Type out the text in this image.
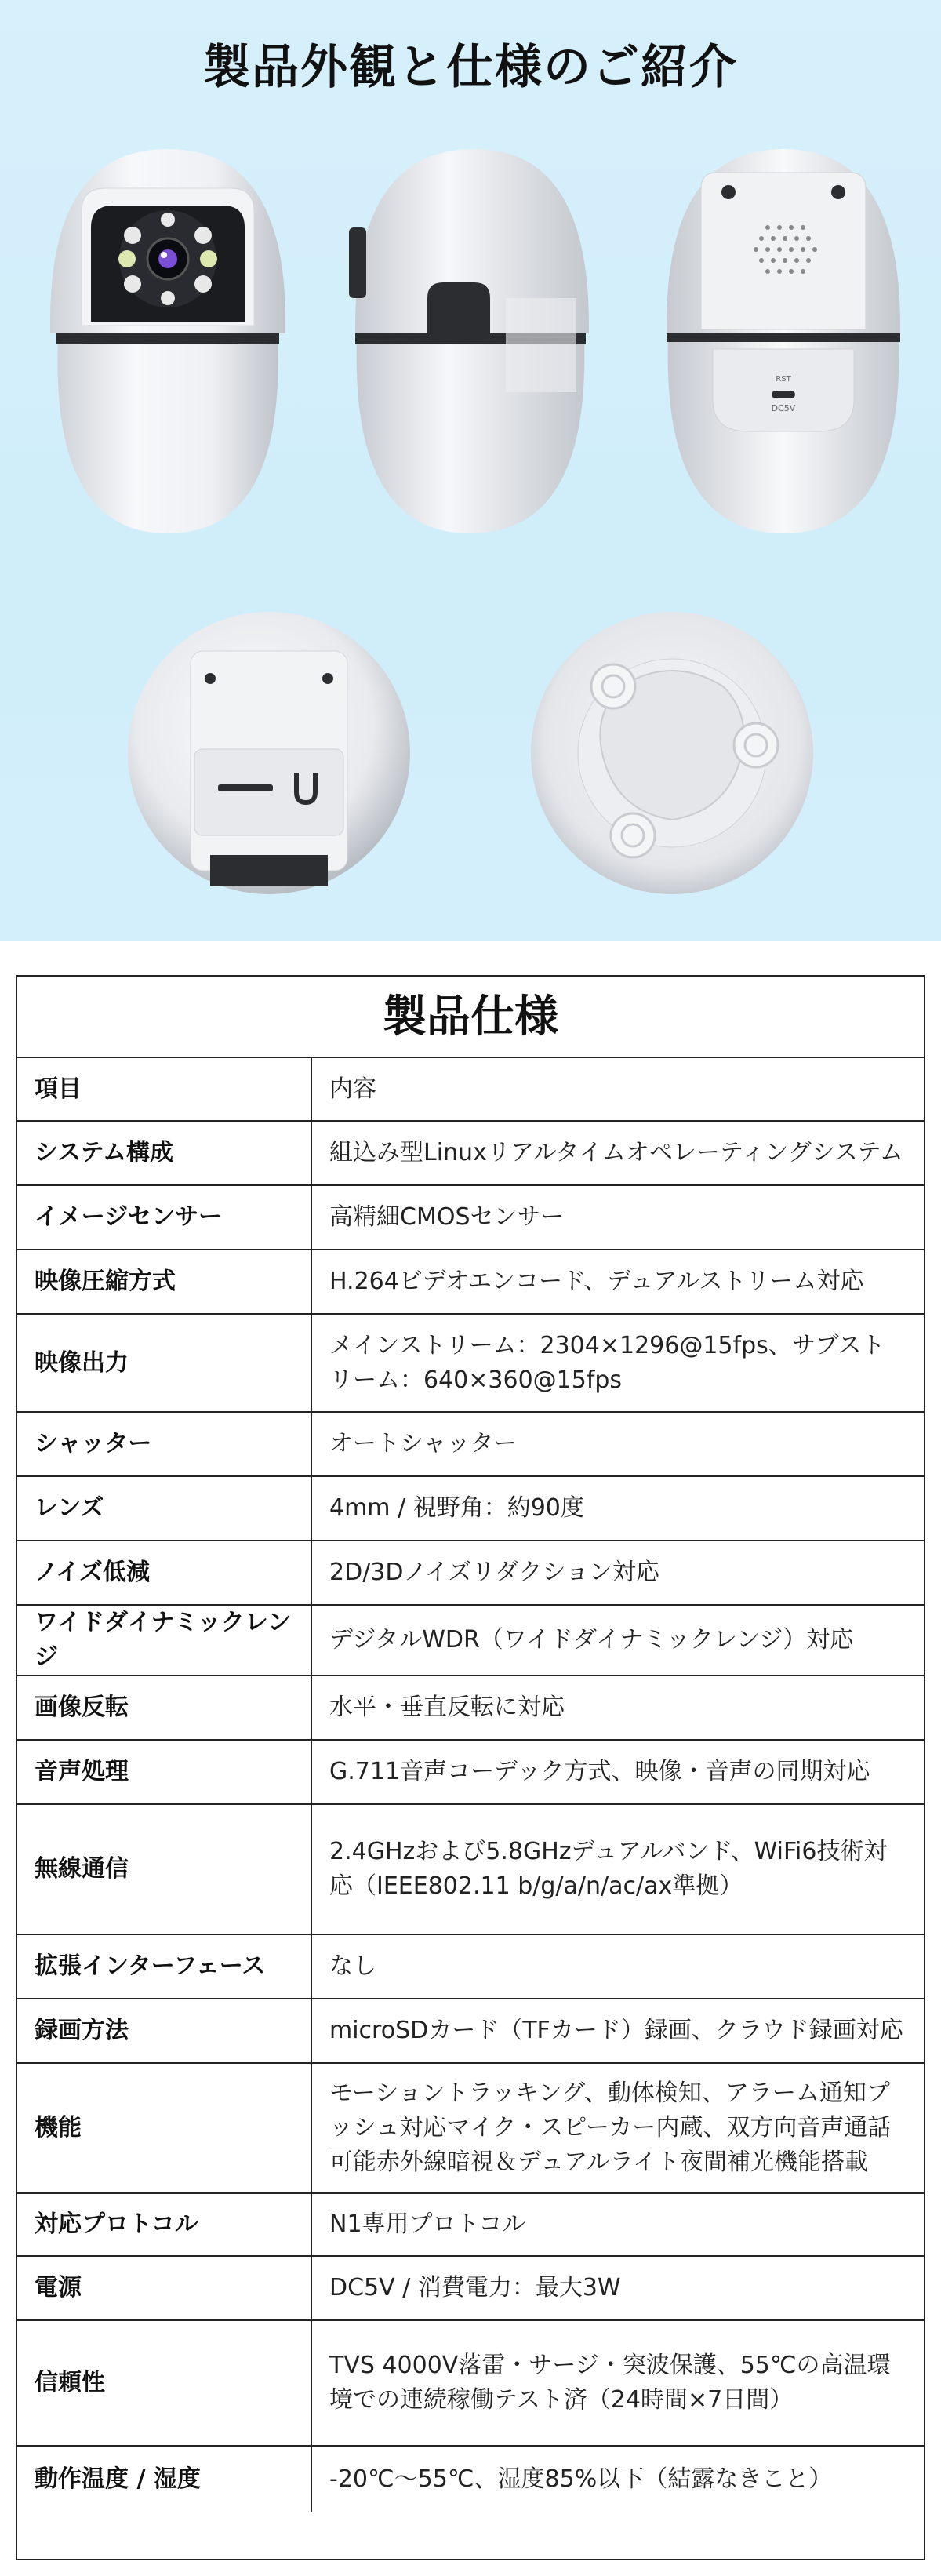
製品外観と仕様のご紹介
RST
DC5V
製品仕様
項目	内容
システム構成	組込み型Linuxリアルタイムオペレーティングシステム
イメージセンサー	高精細CMOSセンサー
映像圧縮方式	H.264ビデオエンコード、デュアルストリーム対応
映像出力	メインストリーム：2304×1296@15fps、サブストリーム：640×360@15fps
シャッター	オートシャッター
レンズ	4mm / 視野角：約90度
ノイズ低減	2D/3Dノイズリダクション対応
ワイドダイナミックレンジ	デジタルWDR（ワイドダイナミックレンジ）対応
画像反転	水平・垂直反転に対応
音声処理	G.711音声コーデック方式、映像・音声の同期対応
無線通信	2.4GHzおよび5.8GHzデュアルバンド、WiFi6技術対応（IEEE802.11 b/g/a/n/ac/ax準拠）
拡張インターフェース	なし
録画方法	microSDカード（TFカード）録画、クラウド録画対応
機能	モーショントラッキング、動体検知、アラーム通知プッシュ対応マイク・スピーカー内蔵、双方向音声通話可能赤外線暗視＆デュアルライト夜間補光機能搭載
対応プロトコル	N1専用プロトコル
電源	DC5V / 消費電力：最大3W
信頼性	TVS 4000V落雷・サージ・突波保護、55℃の高温環境での連続稼働テスト済（24時間×7日間）
動作温度 / 湿度	-20℃～55℃、湿度85%以下（結露なきこと）
